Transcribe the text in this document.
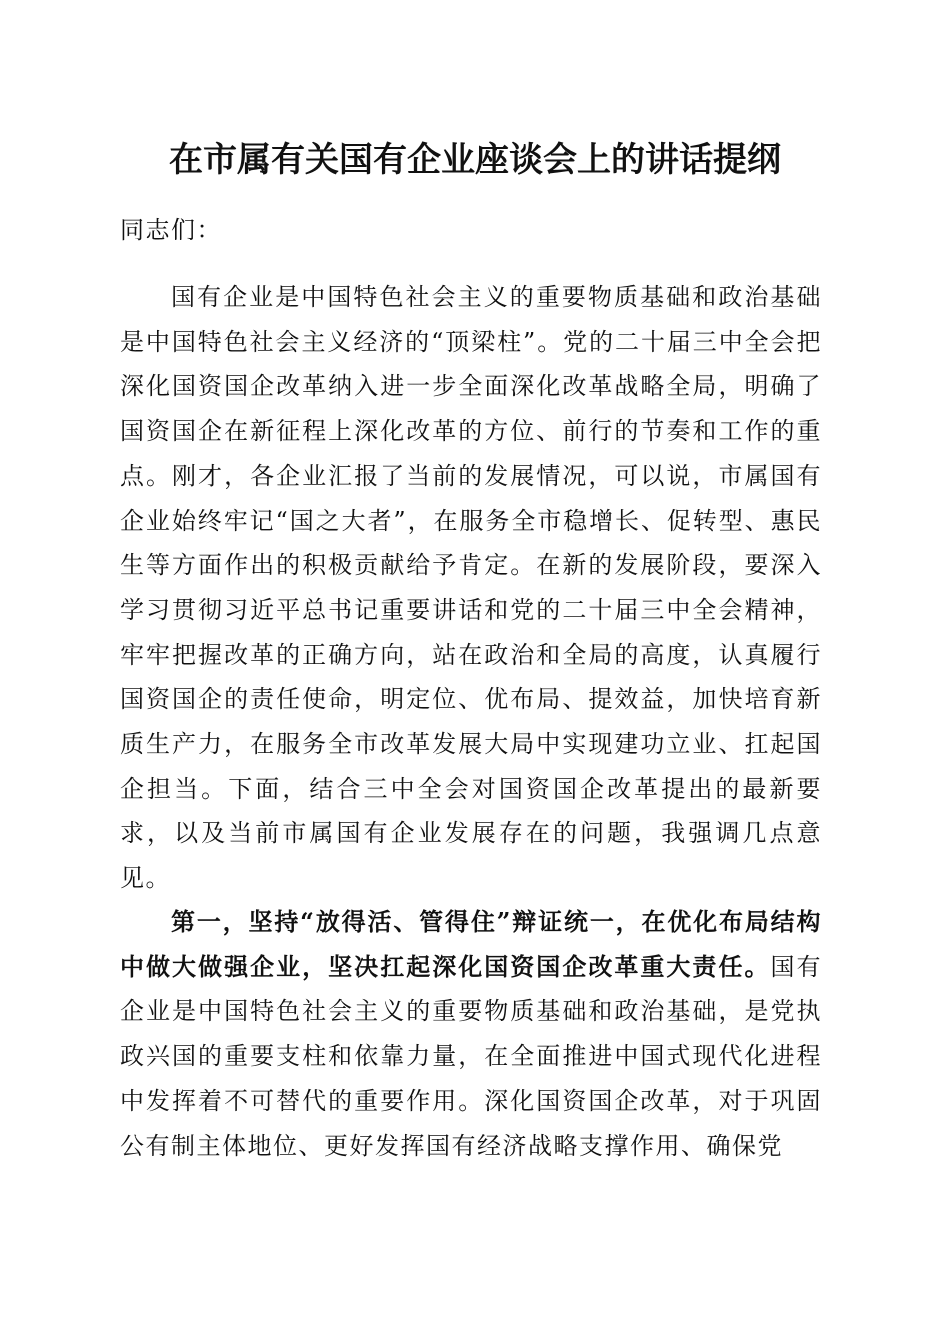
在市属有关国有企业座谈会上的讲话提纲

同志们：

国有企业是中国特色社会主义的重要物质基础和政治基础是中国特色社会主义经济的“顶梁柱”。党的二十届三中全会把深化国资国企改革纳入进一步全面深化改革战略全局，明确了国资国企在新征程上深化改革的方位、前行的节奏和工作的重点。刚才，各企业汇报了当前的发展情况，可以说，市属国有企业始终牢记“国之大者”，在服务全市稳增长、促转型、惠民生等方面作出的积极贡献给予肯定。在新的发展阶段，要深入学习贯彻习近平总书记重要讲话和党的二十届三中全会精神，牢牢把握改革的正确方向，站在政治和全局的高度，认真履行国资国企的责任使命，明定位、优布局、提效益，加快培育新质生产力，在服务全市改革发展大局中实现建功立业、扛起国企担当。下面，结合三中全会对国资国企改革提出的最新要求，以及当前市属国有企业发展存在的问题，我强调几点意见。

第一，坚持“放得活、管得住”辩证统一，在优化布局结构中做大做强企业，坚决扛起深化国资国企改革重大责任。国有企业是中国特色社会主义的重要物质基础和政治基础，是党执政兴国的重要支柱和依靠力量，在全面推进中国式现代化进程中发挥着不可替代的重要作用。深化国资国企改革，对于巩固公有制主体地位、更好发挥国有经济战略支撑作用、确保党
